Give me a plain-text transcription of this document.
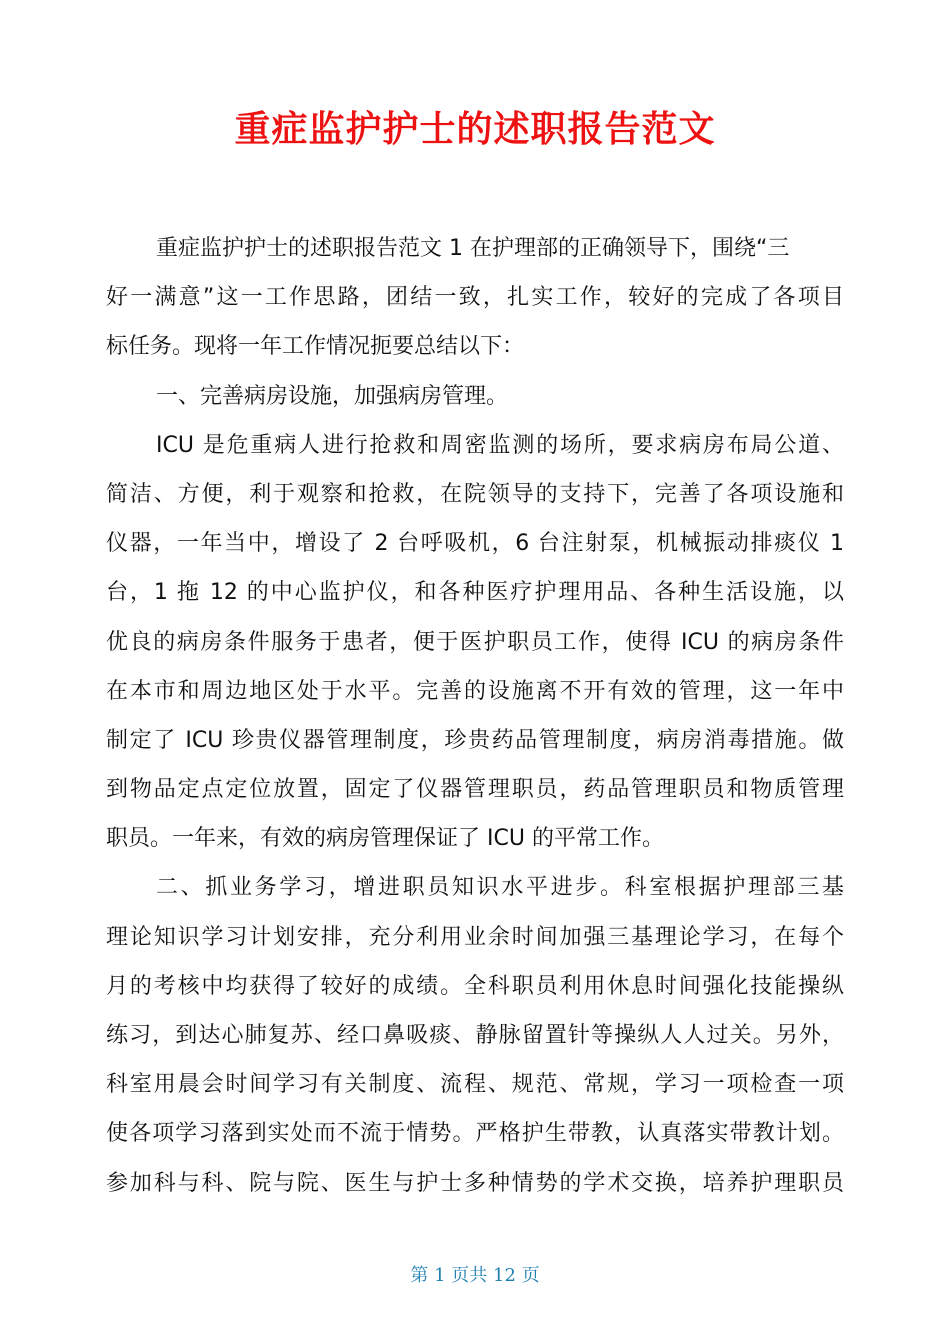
重症监护护士的述职报告范文
重症监护护士的述职报告范文 1 在护理部的正确领导下，围绕“三
好一满意”这一工作思路，团结一致，扎实工作，较好的完成了各项目
标任务。现将一年工作情况扼要总结以下：
一、完善病房设施，加强病房管理。
ICU 是危重病人进行抢救和周密监测的场所，要求病房布局公道、
简洁、方便，利于观察和抢救，在院领导的支持下，完善了各项设施和
仪器，一年当中，增设了 2 台呼吸机，6 台注射泵，机械振动排痰仪 1
台，1 拖 12 的中心监护仪，和各种医疗护理用品、各种生活设施，以
优良的病房条件服务于患者，便于医护职员工作，使得 ICU 的病房条件
在本市和周边地区处于水平。完善的设施离不开有效的管理，这一年中
制定了 ICU 珍贵仪器管理制度，珍贵药品管理制度，病房消毒措施。做
到物品定点定位放置，固定了仪器管理职员，药品管理职员和物质管理
职员。一年来，有效的病房管理保证了 ICU 的平常工作。
二、抓业务学习，增进职员知识水平进步。科室根据护理部三基
理论知识学习计划安排，充分利用业余时间加强三基理论学习，在每个
月的考核中均获得了较好的成绩。全科职员利用休息时间强化技能操纵
练习，到达心肺复苏、经口鼻吸痰、静脉留置针等操纵人人过关。另外，
科室用晨会时间学习有关制度、流程、规范、常规，学习一项检查一项
使各项学习落到实处而不流于情势。严格护生带教，认真落实带教计划。
参加科与科、院与院、医生与护士多种情势的学术交换，培养护理职员
第 1 页共 12 页
